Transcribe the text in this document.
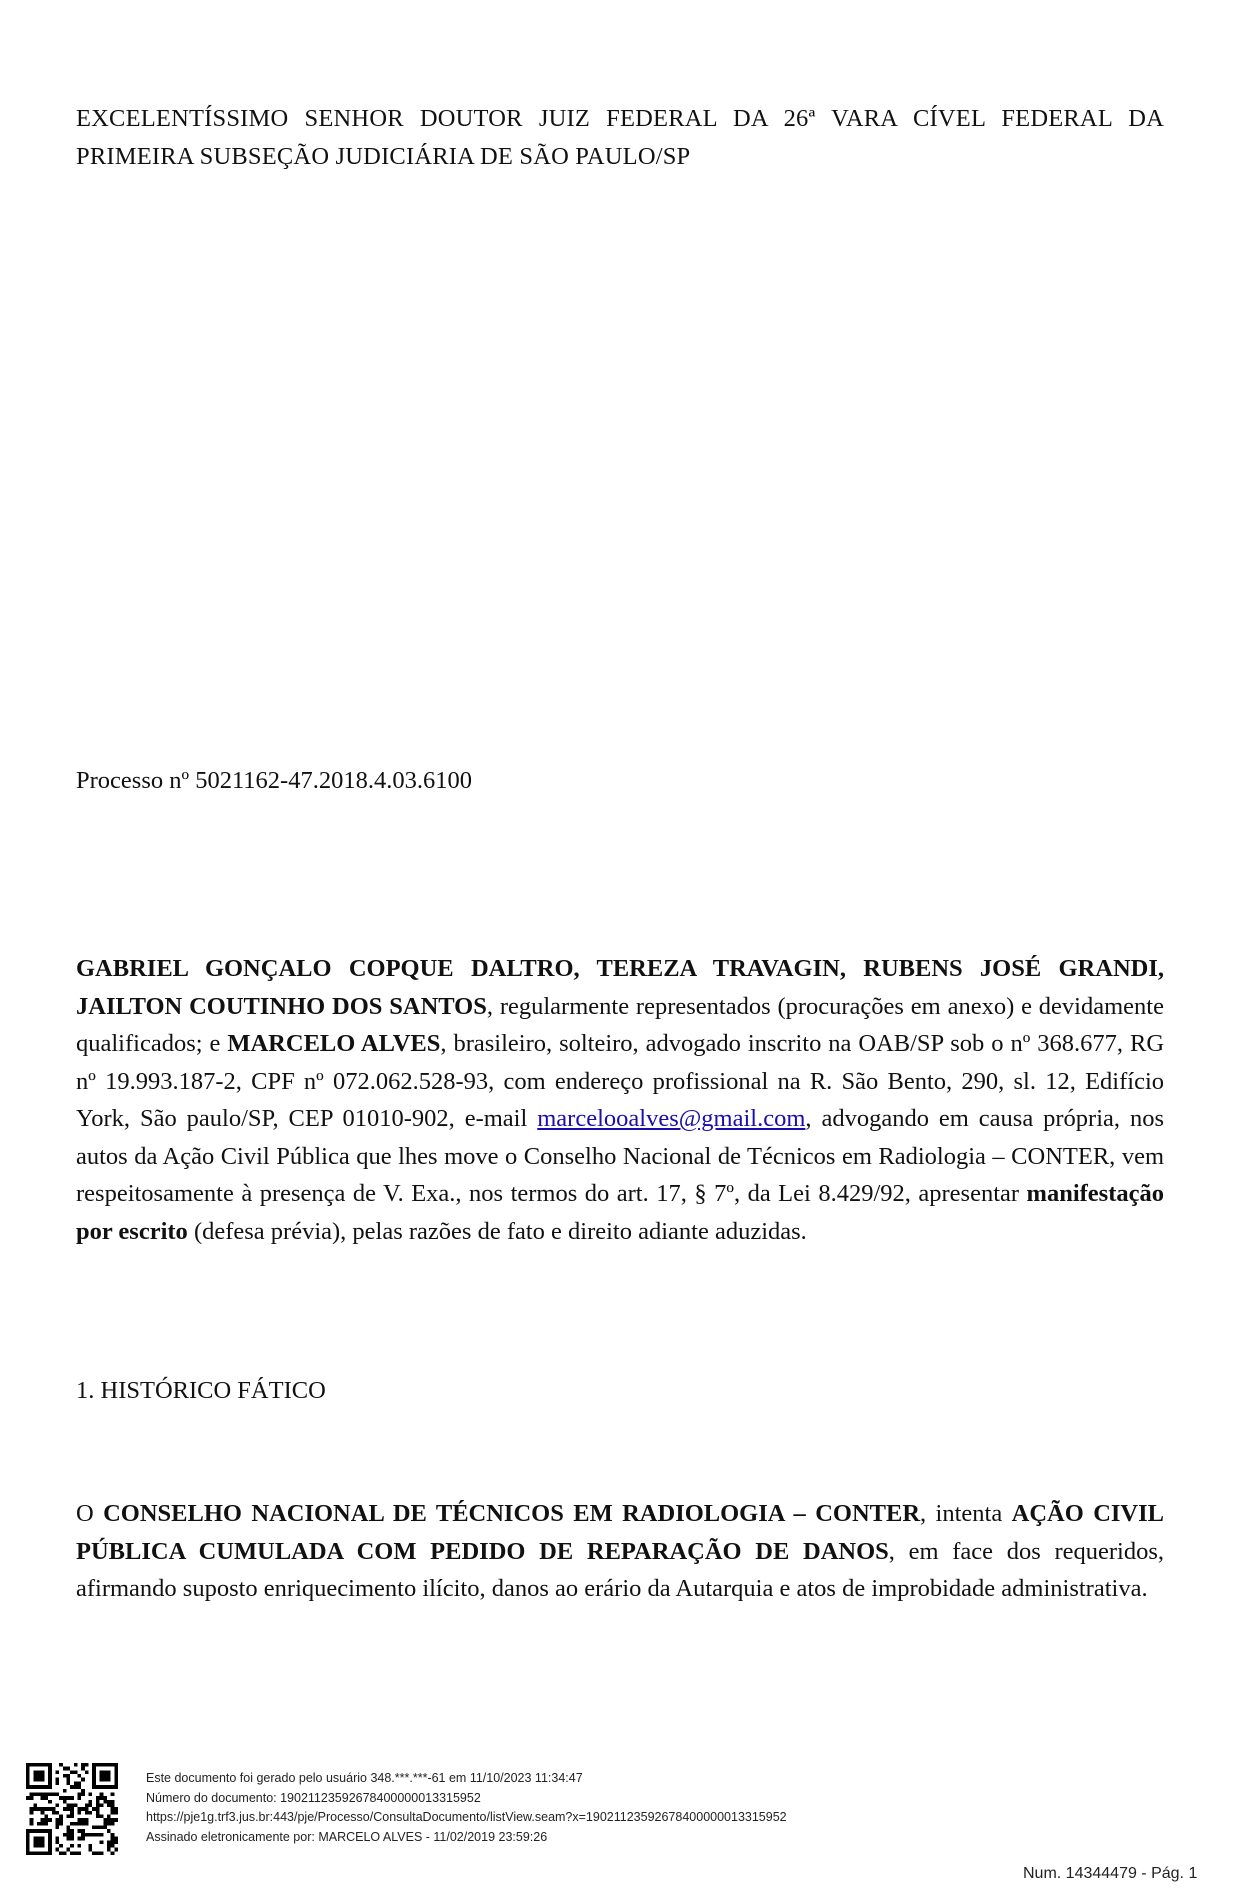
EXCELENTÍSSIMO SENHOR DOUTOR JUIZ FEDERAL DA 26ª VARA CÍVEL FEDERAL DA PRIMEIRA SUBSEÇÃO JUDICIÁRIA DE SÃO PAULO/SP

Processo nº 5021162-47.2018.4.03.6100

GABRIEL GONÇALO COPQUE DALTRO, TEREZA TRAVAGIN, RUBENS JOSÉ GRANDI, JAILTON COUTINHO DOS SANTOS, regularmente representados (procurações em anexo) e devidamente qualificados; e MARCELO ALVES, brasileiro, solteiro, advogado inscrito na OAB/SP sob o nº 368.677, RG nº 19.993.187-2, CPF nº 072.062.528-93, com endereço profissional na R. São Bento, 290, sl. 12, Edifício York, São paulo/SP, CEP 01010-902, e-mail marcelooalves@gmail.com, advogando em causa própria, nos autos da Ação Civil Pública que lhes move o Conselho Nacional de Técnicos em Radiologia – CONTER, vem respeitosamente à presença de V. Exa., nos termos do art. 17, § 7º, da Lei 8.429/92, apresentar manifestação por escrito (defesa prévia), pelas razões de fato e direito adiante aduzidas.

1. HISTÓRICO FÁTICO

O CONSELHO NACIONAL DE TÉCNICOS EM RADIOLOGIA – CONTER, intenta AÇÃO CIVIL PÚBLICA CUMULADA COM PEDIDO DE REPARAÇÃO DE DANOS, em face dos requeridos, afirmando suposto enriquecimento ilícito, danos ao erário da Autarquia e atos de improbidade administrativa.

Este documento foi gerado pelo usuário 348.***.***-61 em 11/10/2023 11:34:47
Número do documento: 19021123592678400000013315952
https://pje1g.trf3.jus.br:443/pje/Processo/ConsultaDocumento/listView.seam?x=19021123592678400000013315952
Assinado eletronicamente por: MARCELO ALVES - 11/02/2019 23:59:26
Num. 14344479 - Pág. 1
